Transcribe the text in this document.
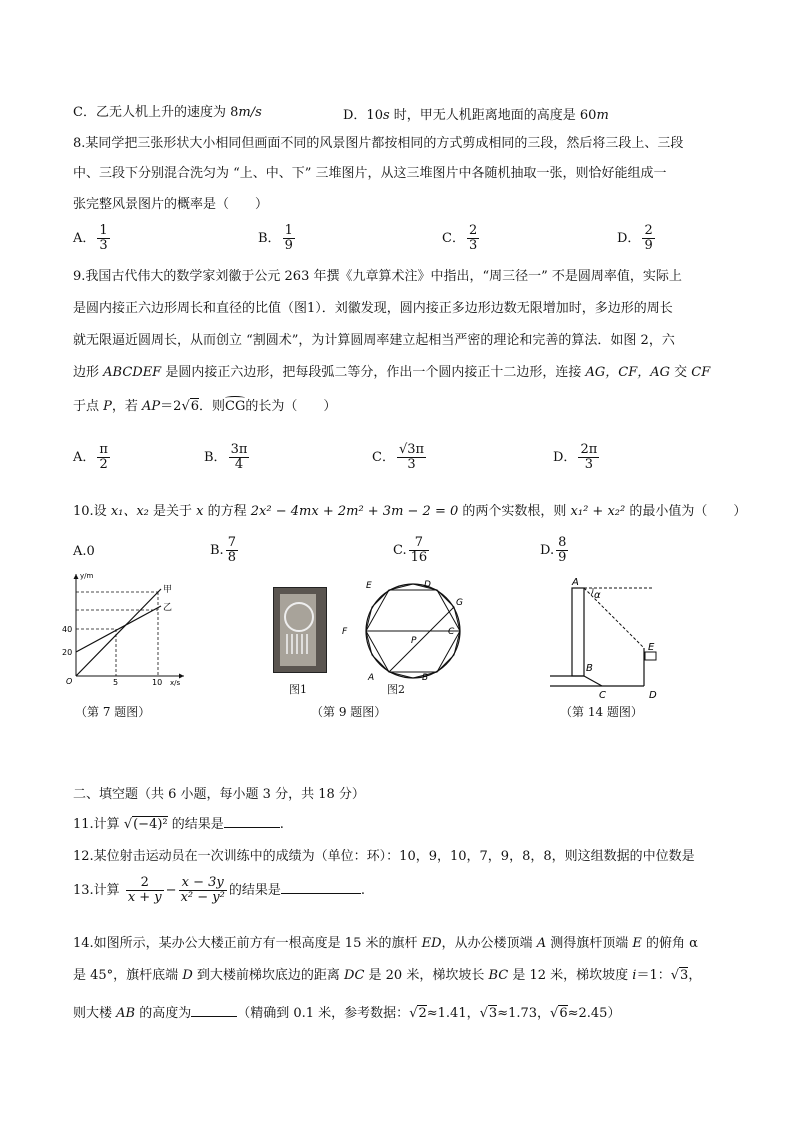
C．乙无人机上升的速度为 8m/s	D．10s 时，甲无人机距离地面的高度是 60m
8.某同学把三张形状大小相同但画面不同的风景图片都按相同的方式剪成相同的三段，然后将三段上、三段
中、三段下分别混合洗匀为 “上、中、下” 三堆图片，从这三堆图片中各随机抽取一张，则恰好能组成一
张完整风景图片的概率是（　　）
A． $\frac{1}{3}$	B． $\frac{1}{9}$	C． $\frac{2}{3}$	D． $\frac{2}{9}$
9.我国古代伟大的数学家刘徽于公元 263 年撰《九章算术注》中指出，“周三径一” 不是圆周率值，实际上
是圆内接正六边形周长和直径的比值（图1）．刘徽发现，圆内接正多边形边数无限增加时，多边形的周长
就无限逼近圆周长，从而创立 “割圆术”，为计算圆周率建立起相当严密的理论和完善的算法．如图 2，六
边形 ABCDEF 是圆内接正六边形，把每段弧二等分，作出一个圆内接正十二边形，连接 AG，CF，AG 交 CF
于点 P，若 AP＝2√6．则
CG的长为（　　）
A． $\frac{\pi}{2}$	B． $\frac{3\pi}{4}$	C． $\frac{√3\pi}{3}$	D． $\frac{2\pi}{3}$
10.设 x₁、x₂ 是关于 x 的方程 2x² − 4mx + 2m² + 3m − 2 = 0 的两个实数根，则 x₁² + x₂² 的最小值为（　　）
A.0	B. $\frac{7}{8}$	C. $\frac{7}{16}$	D. $\frac{8}{9}$
y/m
x/s
O
40
20
5	10
甲
乙
（第 7 题图）
E	D
G
F	C
P
A	B
图1	图2
（第 9 题图）
A
α
E
B
C	D
（第 14 题图）
二、填空题（共 6 小题，每小题 3 分，共 18 分）
11.计算 √(−4)² 的结果是	.
12.某位射击运动员在一次训练中的成绩为（单位：环）：10，9，10，7，9，8，8，则这组数据的中位数是
13.计算 $\frac{2}{x + y} - \frac{x - 3y}{\text{x² − y²}}$ 的结果是	.
14.如图所示，某办公大楼正前方有一根高度是 15 米的旗杆 ED，从办公楼顶端 A 测得旗杆顶端 E 的俯角 α
是 45°，旗杆底端 D 到大楼前梯坎底边的距离 DC 是 20 米，梯坎坡长 BC 是 12 米，梯坎坡度 i＝1：√3，
则大楼 AB 的高度为	（精确到 0.1 米，参考数据：√2≈1.41，√3≈1.73，√6≈2.45）
